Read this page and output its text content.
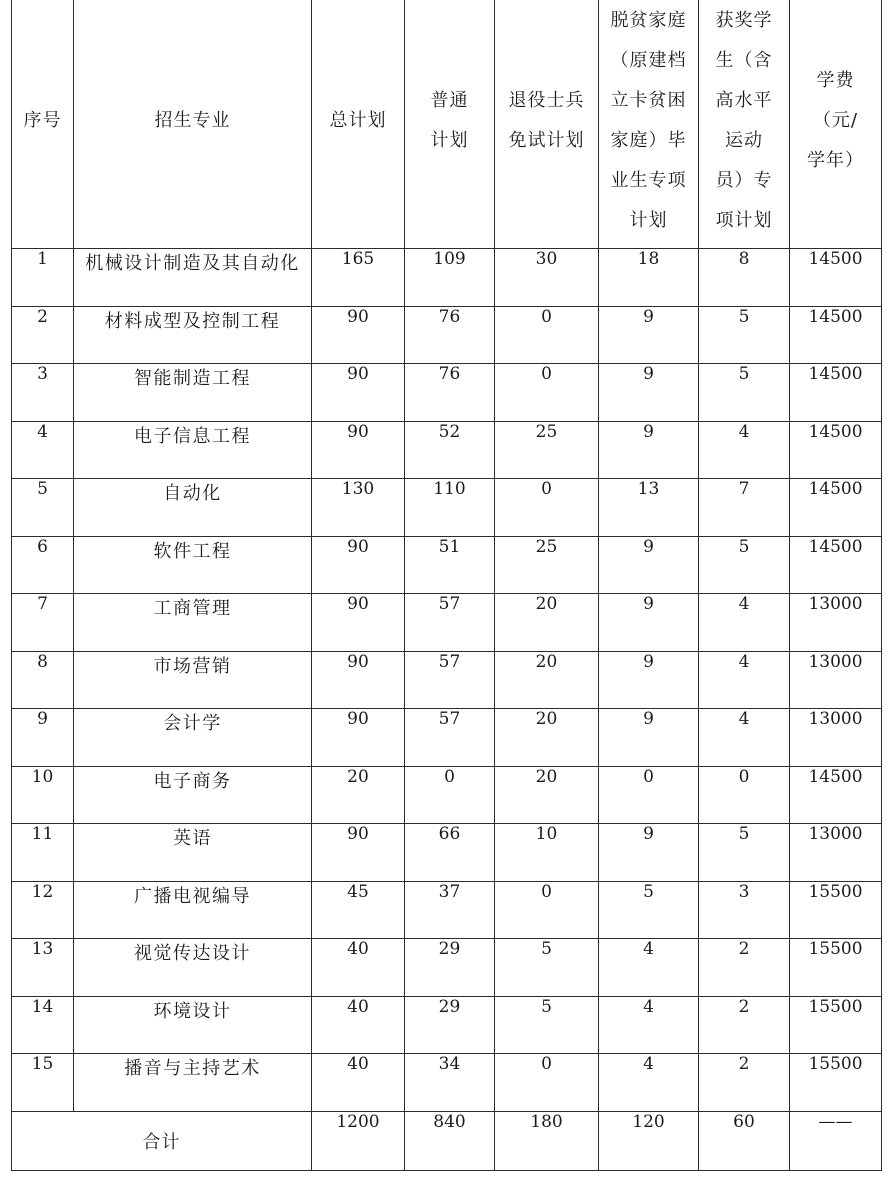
序号	招生专业	总计划	普通计划	退役士兵免试计划	脱贫家庭（原建档立卡贫困家庭）毕业生专项计划	获奖学生（含高水平运动员）专项计划	学费（元/学年）
1	机械设计制造及其自动化	165	109	30	18	8	14500
2	材料成型及控制工程	90	76	0	9	5	14500
3	智能制造工程	90	76	0	9	5	14500
4	电子信息工程	90	52	25	9	4	14500
5	自动化	130	110	0	13	7	14500
6	软件工程	90	51	25	9	5	14500
7	工商管理	90	57	20	9	4	13000
8	市场营销	90	57	20	9	4	13000
9	会计学	90	57	20	9	4	13000
10	电子商务	20	0	20	0	0	14500
11	英语	90	66	10	9	5	13000
12	广播电视编导	45	37	0	5	3	15500
13	视觉传达设计	40	29	5	4	2	15500
14	环境设计	40	29	5	4	2	15500
15	播音与主持艺术	40	34	0	4	2	15500
合计		1200	840	180	120	60	——
